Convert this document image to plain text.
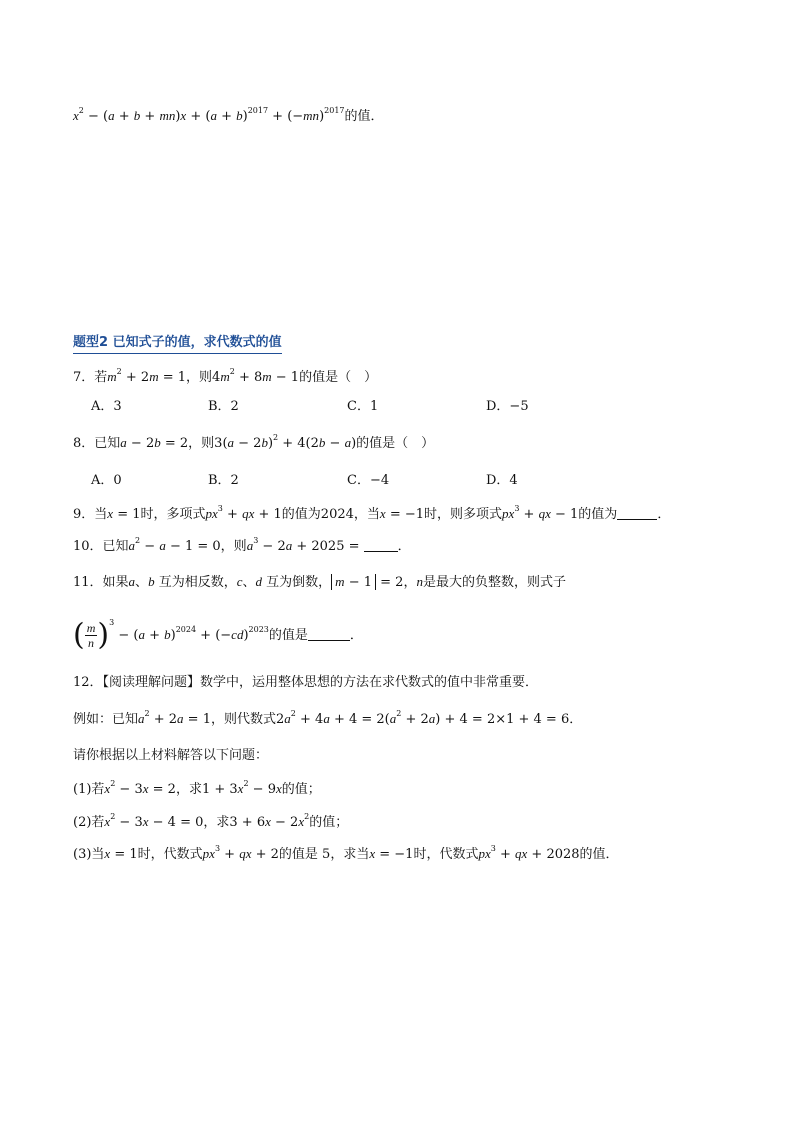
$x^2 - (a + b + mn)x + (a + b)^{2017} + (-mn)^{2017}$的值．
题型2 已知式子的值，求代数式的值
7．若$m^2 + 2m = 1$，则$4m^2 + 8m - 1$的值是（　）
A．3	B．2	C．1	D．−5
8．已知a − 2b = 2，则$3(a - 2b)^2 + 4(2b - a)$的值是（　）
A．0	B．2	C．−4	D．4
9．当x = 1时，多项式$px^3$ + qx + 1的值为2024，当x = −1时，则多项式$px^3$ + qx − 1的值为	．
10．已知$a^2 - a - 1 = 0$，则$a^3 - 2a + 2025$ =	．
11．如果a、b 互为相反数，c、d 互为倒数， m − 1 = 2，n是最大的负整数，则式子
( $\frac{m}{n} )^3 - (a + b)^{2024} + (-cd)^{2023}$的值是	．
12．【阅读理解问题】数学中，运用整体思想的方法在求代数式的值中非常重要．
例如：已知$a^2 + 2a = 1$，则代数式$2a^2 + 4a + 4 = 2(a^2 + 2a) + 4 = 2\times 1 + 4 = 6$．
请你根据以上材料解答以下问题：
(1)若$x^2 - 3x = 2$，求$1 + 3x^2 - 9x$的值；
(2)若$x^2 - 3x - 4 = 0$，求$3 + 6x - 2x^2$的值；
(3)当x = 1时，代数式$px^3$ + qx + 2的值是 5，求当x = −1时，代数式$px^3$ + qx + 2028的值．
